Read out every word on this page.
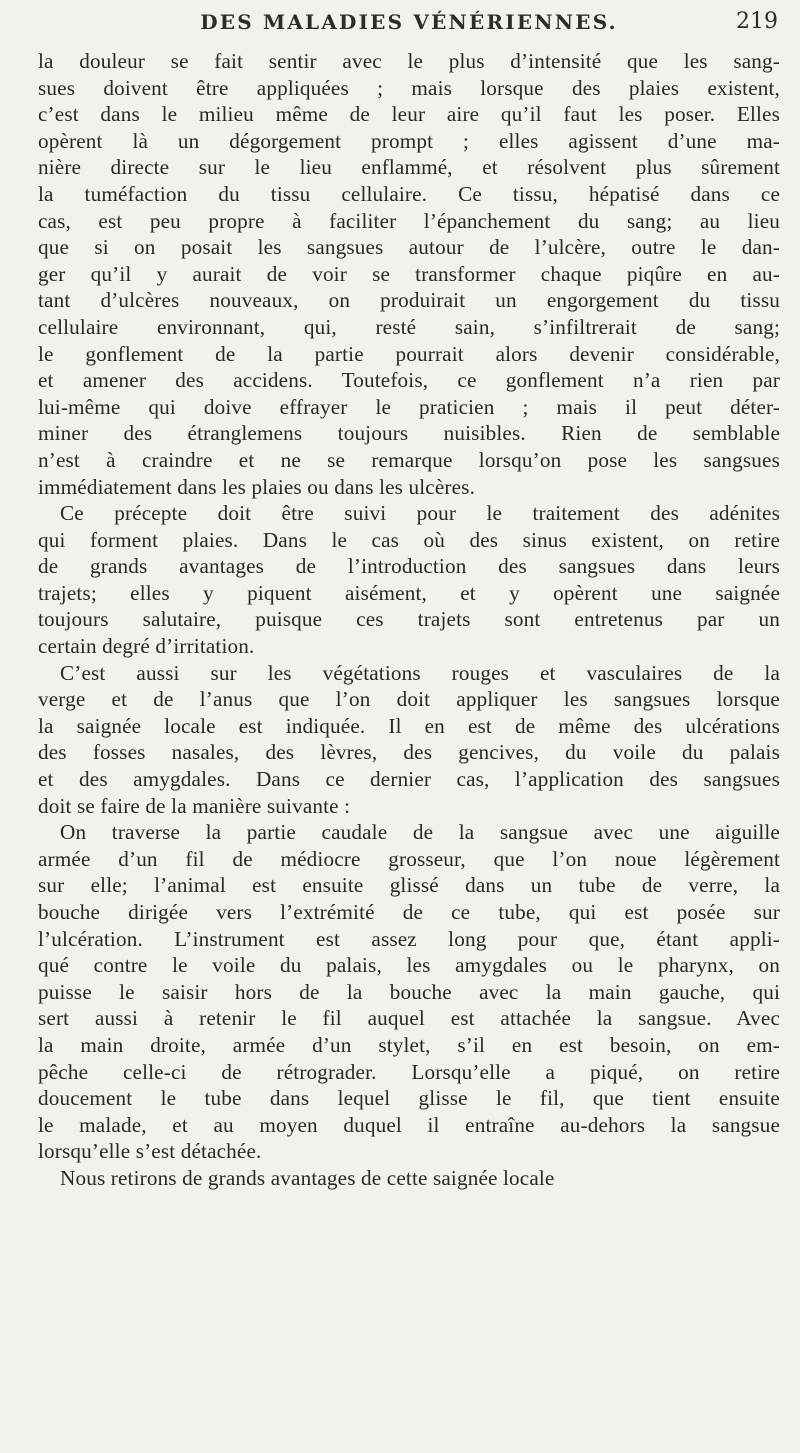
DES MALADIES VÉNÉRIENNES.	219
la douleur se fait sentir avec le plus d’intensité que les sang-
sues doivent être appliquées ; mais lorsque des plaies existent,
c’est dans le milieu même de leur aire qu’il faut les poser. Elles
opèrent là un dégorgement prompt ; elles agissent d’une ma-
nière directe sur le lieu enflammé, et résolvent plus sûrement
la tuméfaction du tissu cellulaire. Ce tissu, hépatisé dans ce
cas, est peu propre à faciliter l’épanchement du sang; au lieu
que si on posait les sangsues autour de l’ulcère, outre le dan-
ger qu’il y aurait de voir se transformer chaque piqûre en au-
tant d’ulcères nouveaux, on produirait un engorgement du tissu
cellulaire environnant, qui, resté sain, s’infiltrerait de sang;
le gonflement de la partie pourrait alors devenir considérable,
et amener des accidens. Toutefois, ce gonflement n’a rien par
lui-même qui doive effrayer le praticien ; mais il peut déter-
miner des étranglemens toujours nuisibles. Rien de semblable
n’est à craindre et ne se remarque lorsqu’on pose les sangsues
immédiatement dans les plaies ou dans les ulcères.
Ce précepte doit être suivi pour le traitement des adénites
qui forment plaies. Dans le cas où des sinus existent, on retire
de grands avantages de l’introduction des sangsues dans leurs
trajets; elles y piquent aisément, et y opèrent une saignée
toujours salutaire, puisque ces trajets sont entretenus par un
certain degré d’irritation.
C’est aussi sur les végétations rouges et vasculaires de la
verge et de l’anus que l’on doit appliquer les sangsues lorsque
la saignée locale est indiquée. Il en est de même des ulcérations
des fosses nasales, des lèvres, des gencives, du voile du palais
et des amygdales. Dans ce dernier cas, l’application des sangsues
doit se faire de la manière suivante :
On traverse la partie caudale de la sangsue avec une aiguille
armée d’un fil de médiocre grosseur, que l’on noue légèrement
sur elle; l’animal est ensuite glissé dans un tube de verre, la
bouche dirigée vers l’extrémité de ce tube, qui est posée sur
l’ulcération. L’instrument est assez long pour que, étant appli-
qué contre le voile du palais, les amygdales ou le pharynx, on
puisse le saisir hors de la bouche avec la main gauche, qui
sert aussi à retenir le fil auquel est attachée la sangsue. Avec
la main droite, armée d’un stylet, s’il en est besoin, on em-
pêche celle-ci de rétrograder. Lorsqu’elle a piqué, on retire
doucement le tube dans lequel glisse le fil, que tient ensuite
le malade, et au moyen duquel il entraîne au-dehors la sangsue
lorsqu’elle s’est détachée.
Nous retirons de grands avantages de cette saignée locale
